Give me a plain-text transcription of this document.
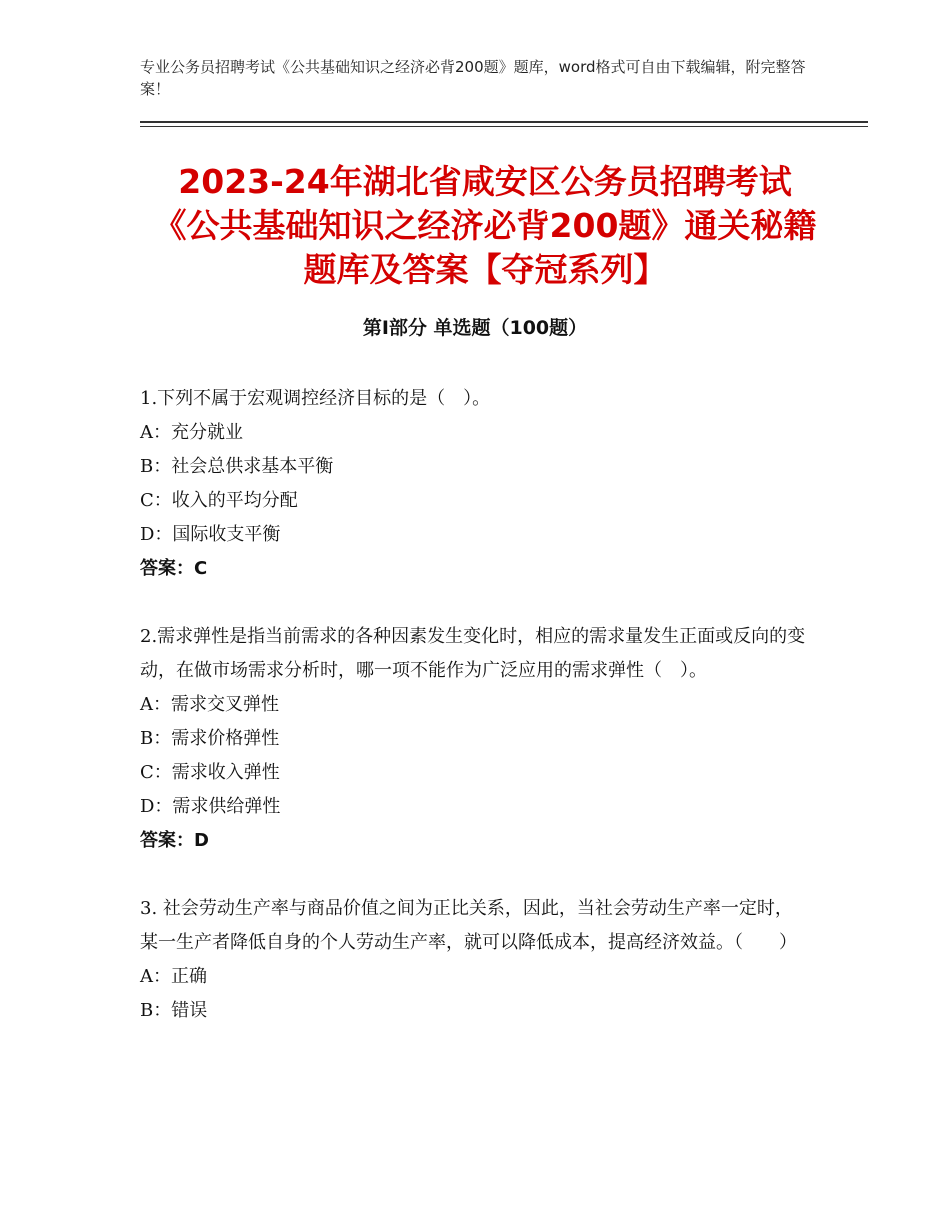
专业公务员招聘考试《公共基础知识之经济必背200题》题库，word格式可自由下载编辑，附完整答案！
2023-24年湖北省咸安区公务员招聘考试《公共基础知识之经济必背200题》通关秘籍题库及答案【夺冠系列】
第Ⅰ部分 单选题（100题）

1.下列不属于宏观调控经济目标的是（　）。

A：充分就业

B：社会总供求基本平衡

C：收入的平均分配

D：国际收支平衡

答案：C

2.需求弹性是指当前需求的各种因素发生变化时，相应的需求量发生正面或反向的变动，在做市场需求分析时，哪一项不能作为广泛应用的需求弹性（　）。

A：需求交叉弹性

B：需求价格弹性

C：需求收入弹性

D：需求供给弹性

答案：D

3. 社会劳动生产率与商品价值之间为正比关系，因此，当社会劳动生产率一定时，某一生产者降低自身的个人劳动生产率，就可以降低成本，提高经济效益。（　　）

A：正确

B：错误
